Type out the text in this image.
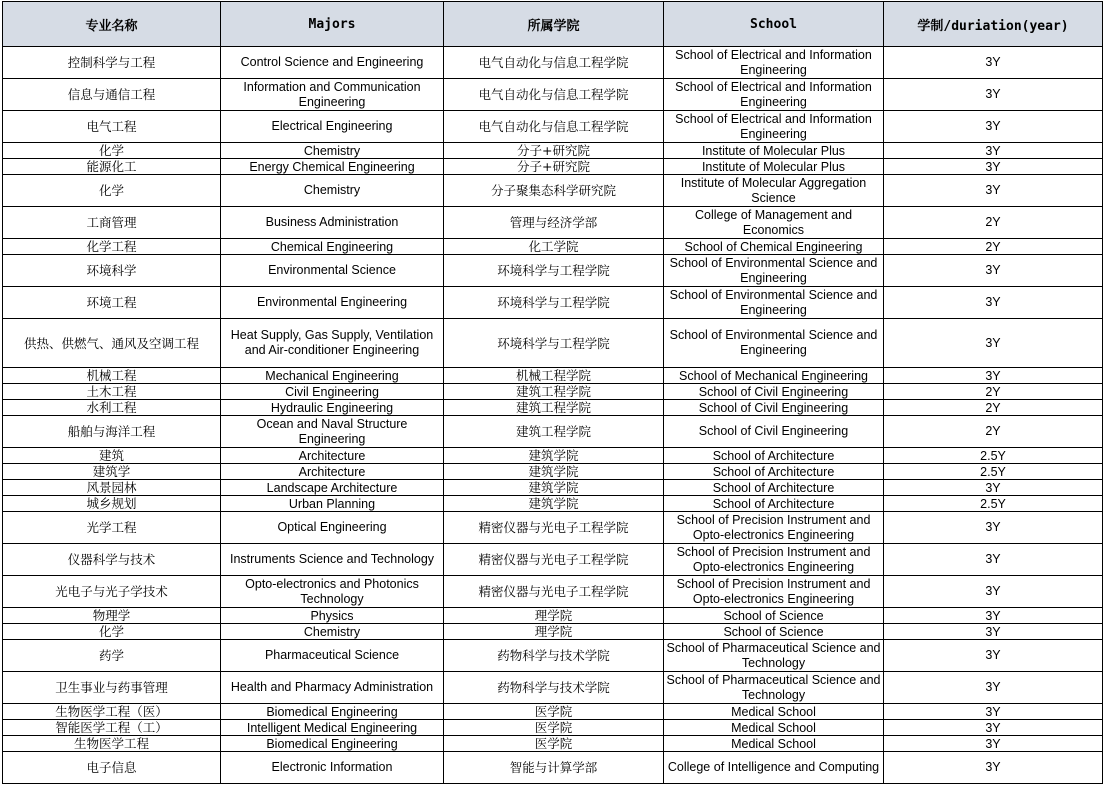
专业名称	Majors	所属学院	School	学制/duriation(year)
控制科学与工程	Control Science and Engineering	电气自动化与信息工程学院	School of Electrical and Information Engineering	3Y
信息与通信工程	Information and Communication Engineering	电气自动化与信息工程学院	School of Electrical and Information Engineering	3Y
电气工程	Electrical Engineering	电气自动化与信息工程学院	School of Electrical and Information Engineering	3Y
化学	Chemistry	分子+研究院	Institute of Molecular Plus	3Y
能源化工	Energy Chemical Engineering	分子+研究院	Institute of Molecular Plus	3Y
化学	Chemistry	分子聚集态科学研究院	Institute of Molecular Aggregation Science	3Y
工商管理	Business Administration	管理与经济学部	College of Management and Economics	2Y
化学工程	Chemical Engineering	化工学院	School of Chemical Engineering	2Y
环境科学	Environmental Science	环境科学与工程学院	School of Environmental Science and Engineering	3Y
环境工程	Environmental Engineering	环境科学与工程学院	School of Environmental Science and Engineering	3Y
供热、供燃气、通风及空调工程	Heat Supply, Gas Supply, Ventilation and Air-conditioner Engineering	环境科学与工程学院	School of Environmental Science and Engineering	3Y
机械工程	Mechanical Engineering	机械工程学院	School of Mechanical Engineering	3Y
土木工程	Civil Engineering	建筑工程学院	School of Civil Engineering	2Y
水利工程	Hydraulic Engineering	建筑工程学院	School of Civil Engineering	2Y
船舶与海洋工程	Ocean and Naval Structure Engineering	建筑工程学院	School of Civil Engineering	2Y
建筑	Architecture	建筑学院	School of Architecture	2.5Y
建筑学	Architecture	建筑学院	School of Architecture	2.5Y
风景园林	Landscape Architecture	建筑学院	School of Architecture	3Y
城乡规划	Urban Planning	建筑学院	School of Architecture	2.5Y
光学工程	Optical Engineering	精密仪器与光电子工程学院	School of Precision Instrument and Opto-electronics Engineering	3Y
仪器科学与技术	Instruments Science and Technology	精密仪器与光电子工程学院	School of Precision Instrument and Opto-electronics Engineering	3Y
光电子与光子学技术	Opto-electronics and Photonics Technology	精密仪器与光电子工程学院	School of Precision Instrument and Opto-electronics Engineering	3Y
物理学	Physics	理学院	School of Science	3Y
化学	Chemistry	理学院	School of Science	3Y
药学	Pharmaceutical Science	药物科学与技术学院	School of Pharmaceutical Science and Technology	3Y
卫生事业与药事管理	Health and Pharmacy Administration	药物科学与技术学院	School of Pharmaceutical Science and Technology	3Y
生物医学工程（医）	Biomedical Engineering	医学院	Medical School	3Y
智能医学工程（工）	Intelligent Medical Engineering	医学院	Medical School	3Y
生物医学工程	Biomedical Engineering	医学院	Medical School	3Y
电子信息	Electronic Information	智能与计算学部	College of Intelligence and Computing	3Y
